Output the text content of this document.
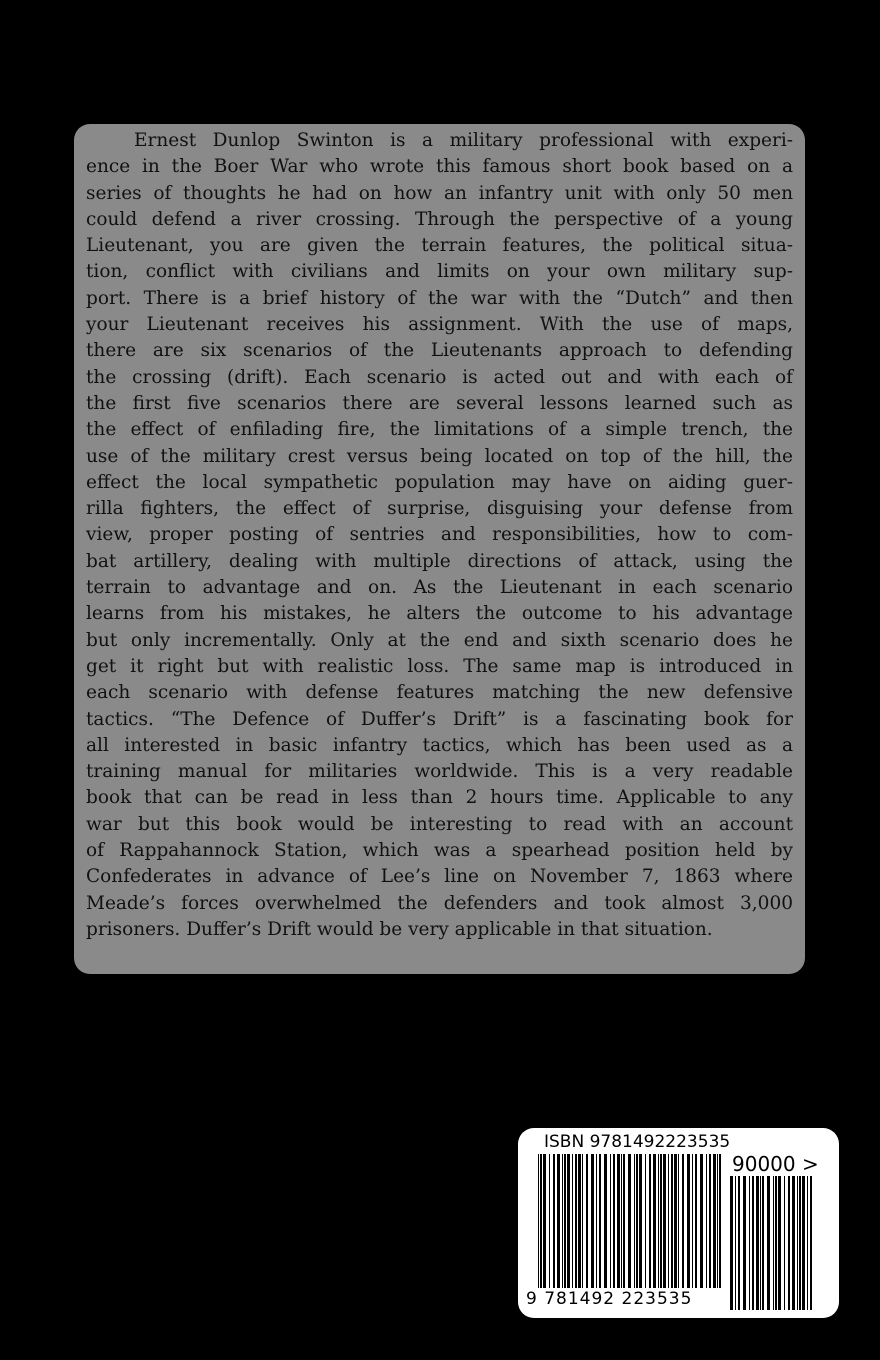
Ernest Dunlop Swinton is a military professional with experi-
ence in the Boer War who wrote this famous short book based on a
series of thoughts he had on how an infantry unit with only 50 men
could defend a river crossing. Through the perspective of a young
Lieutenant, you are given the terrain features, the political situa-
tion, conflict with civilians and limits on your own military sup-
port. There is a brief history of the war with the “Dutch” and then
your Lieutenant receives his assignment. With the use of maps,
there are six scenarios of the Lieutenants approach to defending
the crossing (drift). Each scenario is acted out and with each of
the first five scenarios there are several lessons learned such as
the effect of enfilading fire, the limitations of a simple trench, the
use of the military crest versus being located on top of the hill, the
effect the local sympathetic population may have on aiding guer-
rilla fighters, the effect of surprise, disguising your defense from
view, proper posting of sentries and responsibilities, how to com-
bat artillery, dealing with multiple directions of attack, using the
terrain to advantage and on. As the Lieutenant in each scenario
learns from his mistakes, he alters the outcome to his advantage
but only incrementally. Only at the end and sixth scenario does he
get it right but with realistic loss. The same map is introduced in
each scenario with defense features matching the new defensive
tactics. “The Defence of Duffer’s Drift” is a fascinating book for
all interested in basic infantry tactics, which has been used as a
training manual for militaries worldwide. This is a very readable
book that can be read in less than 2 hours time. Applicable to any
war but this book would be interesting to read with an account
of Rappahannock Station, which was a spearhead position held by
Confederates in advance of Lee’s line on November 7, 1863 where
Meade’s forces overwhelmed the defenders and took almost 3,000
prisoners. Duffer’s Drift would be very applicable in that situation.
ISBN 9781492223535
90000 >
9 781492 223535
